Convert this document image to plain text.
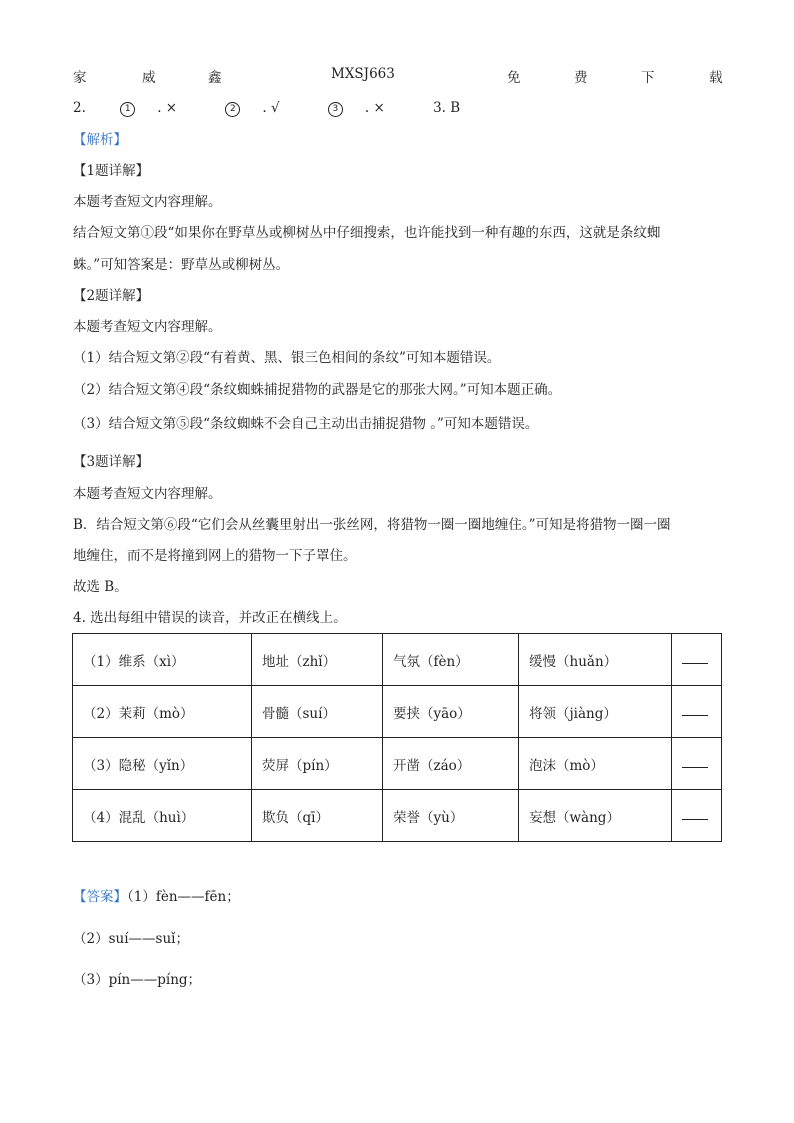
家	威	鑫	MXSJ663	免	费	下	载
2.	1 . ×	2 . √	3 . ×	3. B
【解析】
【1题详解】
本题考查短文内容理解。
结合短文第①段“如果你在野草丛或柳树丛中仔细搜索，也许能找到一种有趣的东西，这就是条纹蜘
蛛。”可知答案是：野草丛或柳树丛。
【2题详解】
本题考查短文内容理解。
（1）结合短文第②段“有着黄、黑、银三色相间的条纹”可知本题错误。
（2）结合短文第④段“条纹蜘蛛捕捉猎物的武器是它的那张大网。”可知本题正确。
（3）结合短文第⑤段“条纹蜘蛛不会自己主动出击捕捉猎物 。”可知本题错误。
【3题详解】
本题考查短文内容理解。
B．结合短文第⑥段“它们会从丝囊里射出一张丝网，将猎物一圈一圈地缠住。”可知是将猎物一圈一圈
地缠住，而不是将撞到网上的猎物一下子罩住。
故选 B。
4. 选出每组中错误的读音，并改正在横线上。
（1）维系（xì）	地址（zhǐ）	气氛（fèn）	缓慢（huǎn）	
（2）茉莉（mò）	骨髓（suí）	要挟（yāo）	将领（jiàng）	
（3）隐秘（yǐn）	荧屏（pín）	开凿（záo）	泡沫（mò）	
（4）混乱（huì）	欺负（qī）	荣誉（yù）	妄想（wàng）	
【答案】（1）fèn——fēn；
（2）suí——suǐ；
（3）pín——píng；
